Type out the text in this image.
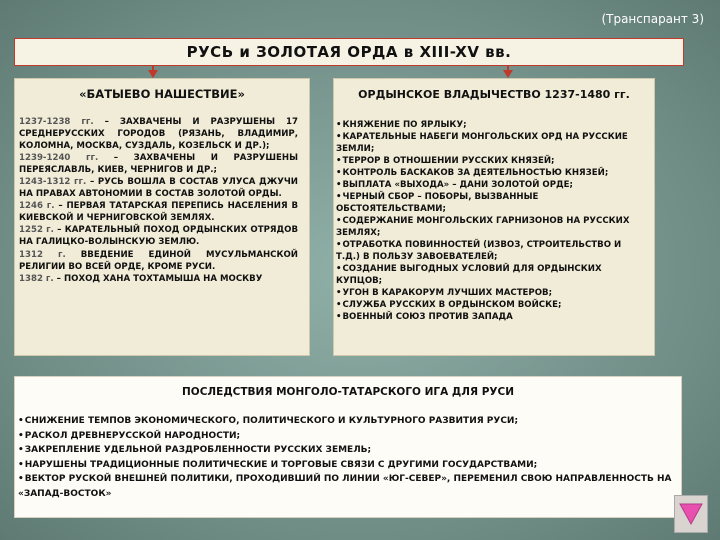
(Транспарант 3)
РУСЬ и ЗОЛОТАЯ ОРДА в XIII-XV вв.
«БАТЫЕВО НАШЕСТВИЕ»
1237-1238 гг. – ЗАХВАЧЕНЫ И РАЗРУШЕНЫ 17 СРЕДНЕРУССКИХ ГОРОДОВ (РЯЗАНЬ, ВЛАДИМИР, КОЛОМНА, МОСКВА, СУЗДАЛЬ, КОЗЕЛЬСК И ДР.);
1239-1240 гг. – ЗАХВАЧЕНЫ И РАЗРУШЕНЫ ПЕРЕЯСЛАВЛЬ, КИЕВ, ЧЕРНИГОВ И ДР.;
1243-1312 гг. – РУСЬ ВОШЛА В СОСТАВ УЛУСА ДЖУЧИ НА ПРАВАХ АВТОНОМИИ В СОСТАВ ЗОЛОТОЙ ОРДЫ.
1246 г. – ПЕРВАЯ ТАТАРСКАЯ ПЕРЕПИСЬ НАСЕЛЕНИЯ В КИЕВСКОЙ И ЧЕРНИГОВСКОЙ ЗЕМЛЯХ.
1252 г. – КАРАТЕЛЬНЫЙ ПОХОД ОРДЫНСКИХ ОТРЯДОВ НА ГАЛИЦКО-ВОЛЫНСКУЮ ЗЕМЛЮ.
1312 г. ВВЕДЕНИЕ ЕДИНОЙ МУСУЛЬМАНСКОЙ РЕЛИГИИ ВО ВСЕЙ ОРДЕ, КРОМЕ РУСИ.
1382 г. – ПОХОД ХАНА ТОХТАМЫША НА МОСКВУ
ОРДЫНСКОЕ ВЛАДЫЧЕСТВО 1237-1480 гг.
• КНЯЖЕНИЕ ПО ЯРЛЫКУ;
• КАРАТЕЛЬНЫЕ НАБЕГИ МОНГОЛЬСКИХ ОРД НА РУССКИЕ ЗЕМЛИ;
• ТЕРРОР В ОТНОШЕНИИ РУССКИХ КНЯЗЕЙ;
• КОНТРОЛЬ БАСКАКОВ ЗА ДЕЯТЕЛЬНОСТЬЮ КНЯЗЕЙ;
• ВЫПЛАТА «ВЫХОДА» – ДАНИ ЗОЛОТОЙ ОРДЕ;
• ЧЕРНЫЙ СБОР – ПОБОРЫ, ВЫЗВАННЫЕ ОБСТОЯТЕЛЬСТВАМИ;
• СОДЕРЖАНИЕ МОНГОЛЬСКИХ ГАРНИЗОНОВ НА РУССКИХ ЗЕМЛЯХ;
• ОТРАБОТКА ПОВИННОСТЕЙ (ИЗВОЗ, СТРОИТЕЛЬСТВО И Т.Д.) В ПОЛЬЗУ ЗАВОЕВАТЕЛЕЙ;
• СОЗДАНИЕ ВЫГОДНЫХ УСЛОВИЙ ДЛЯ ОРДЫНСКИХ КУПЦОВ;
• УГОН В КАРАКОРУМ ЛУЧШИХ МАСТЕРОВ;
• СЛУЖБА РУССКИХ В ОРДЫНСКОМ ВОЙСКЕ;
• ВОЕННЫЙ СОЮЗ ПРОТИВ ЗАПАДА
ПОСЛЕДСТВИЯ МОНГОЛО-ТАТАРСКОГО ИГА ДЛЯ РУСИ
• СНИЖЕНИЕ ТЕМПОВ ЭКОНОМИЧЕСКОГО, ПОЛИТИЧЕСКОГО И КУЛЬТУРНОГО РАЗВИТИЯ РУСИ;
• РАСКОЛ ДРЕВНЕРУССКОЙ НАРОДНОСТИ;
• ЗАКРЕПЛЕНИЕ УДЕЛЬНОЙ РАЗДРОБЛЕННОСТИ РУССКИХ ЗЕМЕЛЬ;
• НАРУШЕНЫ ТРАДИЦИОННЫЕ ПОЛИТИЧЕСКИЕ И ТОРГОВЫЕ СВЯЗИ С ДРУГИМИ ГОСУДАРСТВАМИ;
• ВЕКТОР РУСКОЙ ВНЕШНЕЙ ПОЛИТИКИ, ПРОХОДИВШИЙ ПО ЛИНИИ «ЮГ-СЕВЕР», ПЕРЕМЕНИЛ СВОЮ НАПРАВЛЕННОСТЬ НА «ЗАПАД-ВОСТОК»
